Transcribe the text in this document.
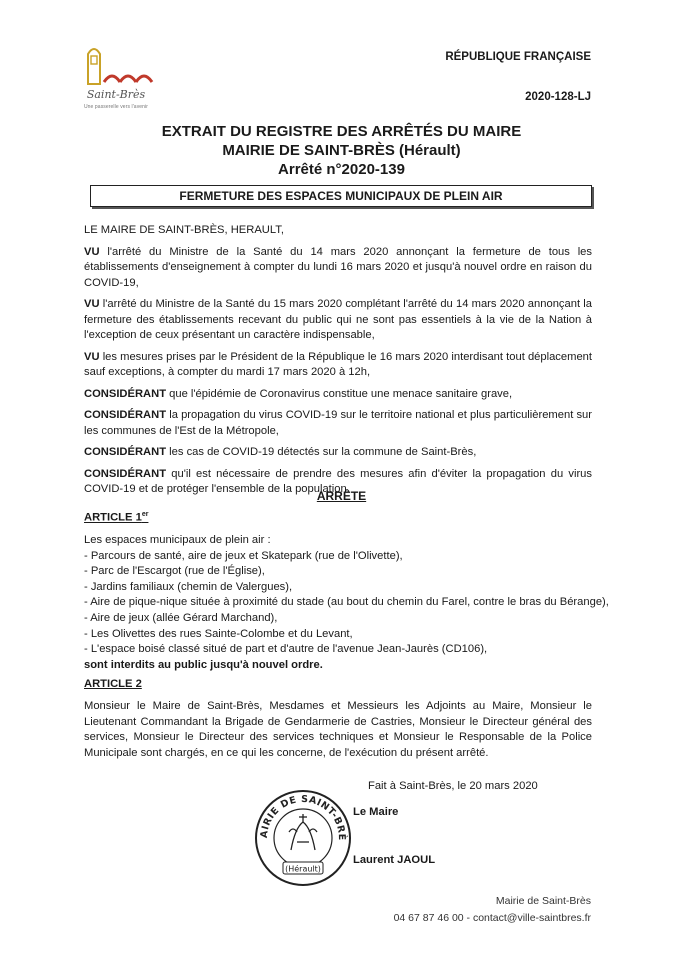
Saint-Brès
Une passerelle vers l'avenir
RÉPUBLIQUE FRANÇAISE
2020-128-LJ
EXTRAIT DU REGISTRE DES ARRÊTÉS DU MAIRE
MAIRIE DE SAINT-BRÈS (Hérault)
Arrêté n°2020-139
FERMETURE DES ESPACES MUNICIPAUX DE PLEIN AIR

LE MAIRE DE SAINT-BRÈS, HERAULT,

VU l'arrêté du Ministre de la Santé du 14 mars 2020 annonçant la fermeture de tous les établissements d'enseignement à compter du lundi 16 mars 2020 et jusqu'à nouvel ordre en raison du COVID-19,

VU l'arrêté du Ministre de la Santé du 15 mars 2020 complétant l'arrêté du 14 mars 2020 annonçant la fermeture des établissements recevant du public qui ne sont pas essentiels à la vie de la Nation à l'exception de ceux présentant un caractère indispensable,

VU les mesures prises par le Président de la République le 16 mars 2020 interdisant tout déplacement sauf exceptions, à compter du mardi 17 mars 2020 à 12h,

CONSIDÉRANT que l'épidémie de Coronavirus constitue une menace sanitaire grave,

CONSIDÉRANT la propagation du virus COVID-19 sur le territoire national et plus particulièrement sur les communes de l'Est de la Métropole,

CONSIDÉRANT les cas de COVID-19 détectés sur la commune de Saint-Brès,

CONSIDÉRANT qu'il est nécessaire de prendre des mesures afin d'éviter la propagation du virus COVID-19 et de protéger l'ensemble de la population.

ARRÊTE
ARTICLE 1er
Les espaces municipaux de plein air :
- Parcours de santé, aire de jeux et Skatepark (rue de l'Olivette),
- Parc de l'Escargot (rue de l'Église),
- Jardins familiaux (chemin de Valergues),
- Aire de pique-nique située à proximité du stade (au bout du chemin du Farel, contre le bras du Bérange),
- Aire de jeux (allée Gérard Marchand),
- Les Olivettes des rues Sainte-Colombe et du Levant,
- L'espace boisé classé situé de part et d'autre de l'avenue Jean-Jaurès (CD106),
sont interdits au public jusqu'à nouvel ordre.
ARTICLE 2

Monsieur le Maire de Saint-Brès, Mesdames et Messieurs les Adjoints au Maire, Monsieur le Lieutenant Commandant la Brigade de Gendarmerie de Castries, Monsieur le Directeur général des services, Monsieur le Directeur des services techniques et Monsieur le Responsable de la Police Municipale sont chargés, en ce qui les concerne, de l'exécution du présent arrêté.

Fait à Saint-Brès, le 20 mars 2020
Le Maire
Laurent JAOUL
AIRIE DE SAINT-BRÈ
(Hérault)
Mairie de Saint-Brès
04 67 87 46 00 - contact@ville-saintbres.fr
